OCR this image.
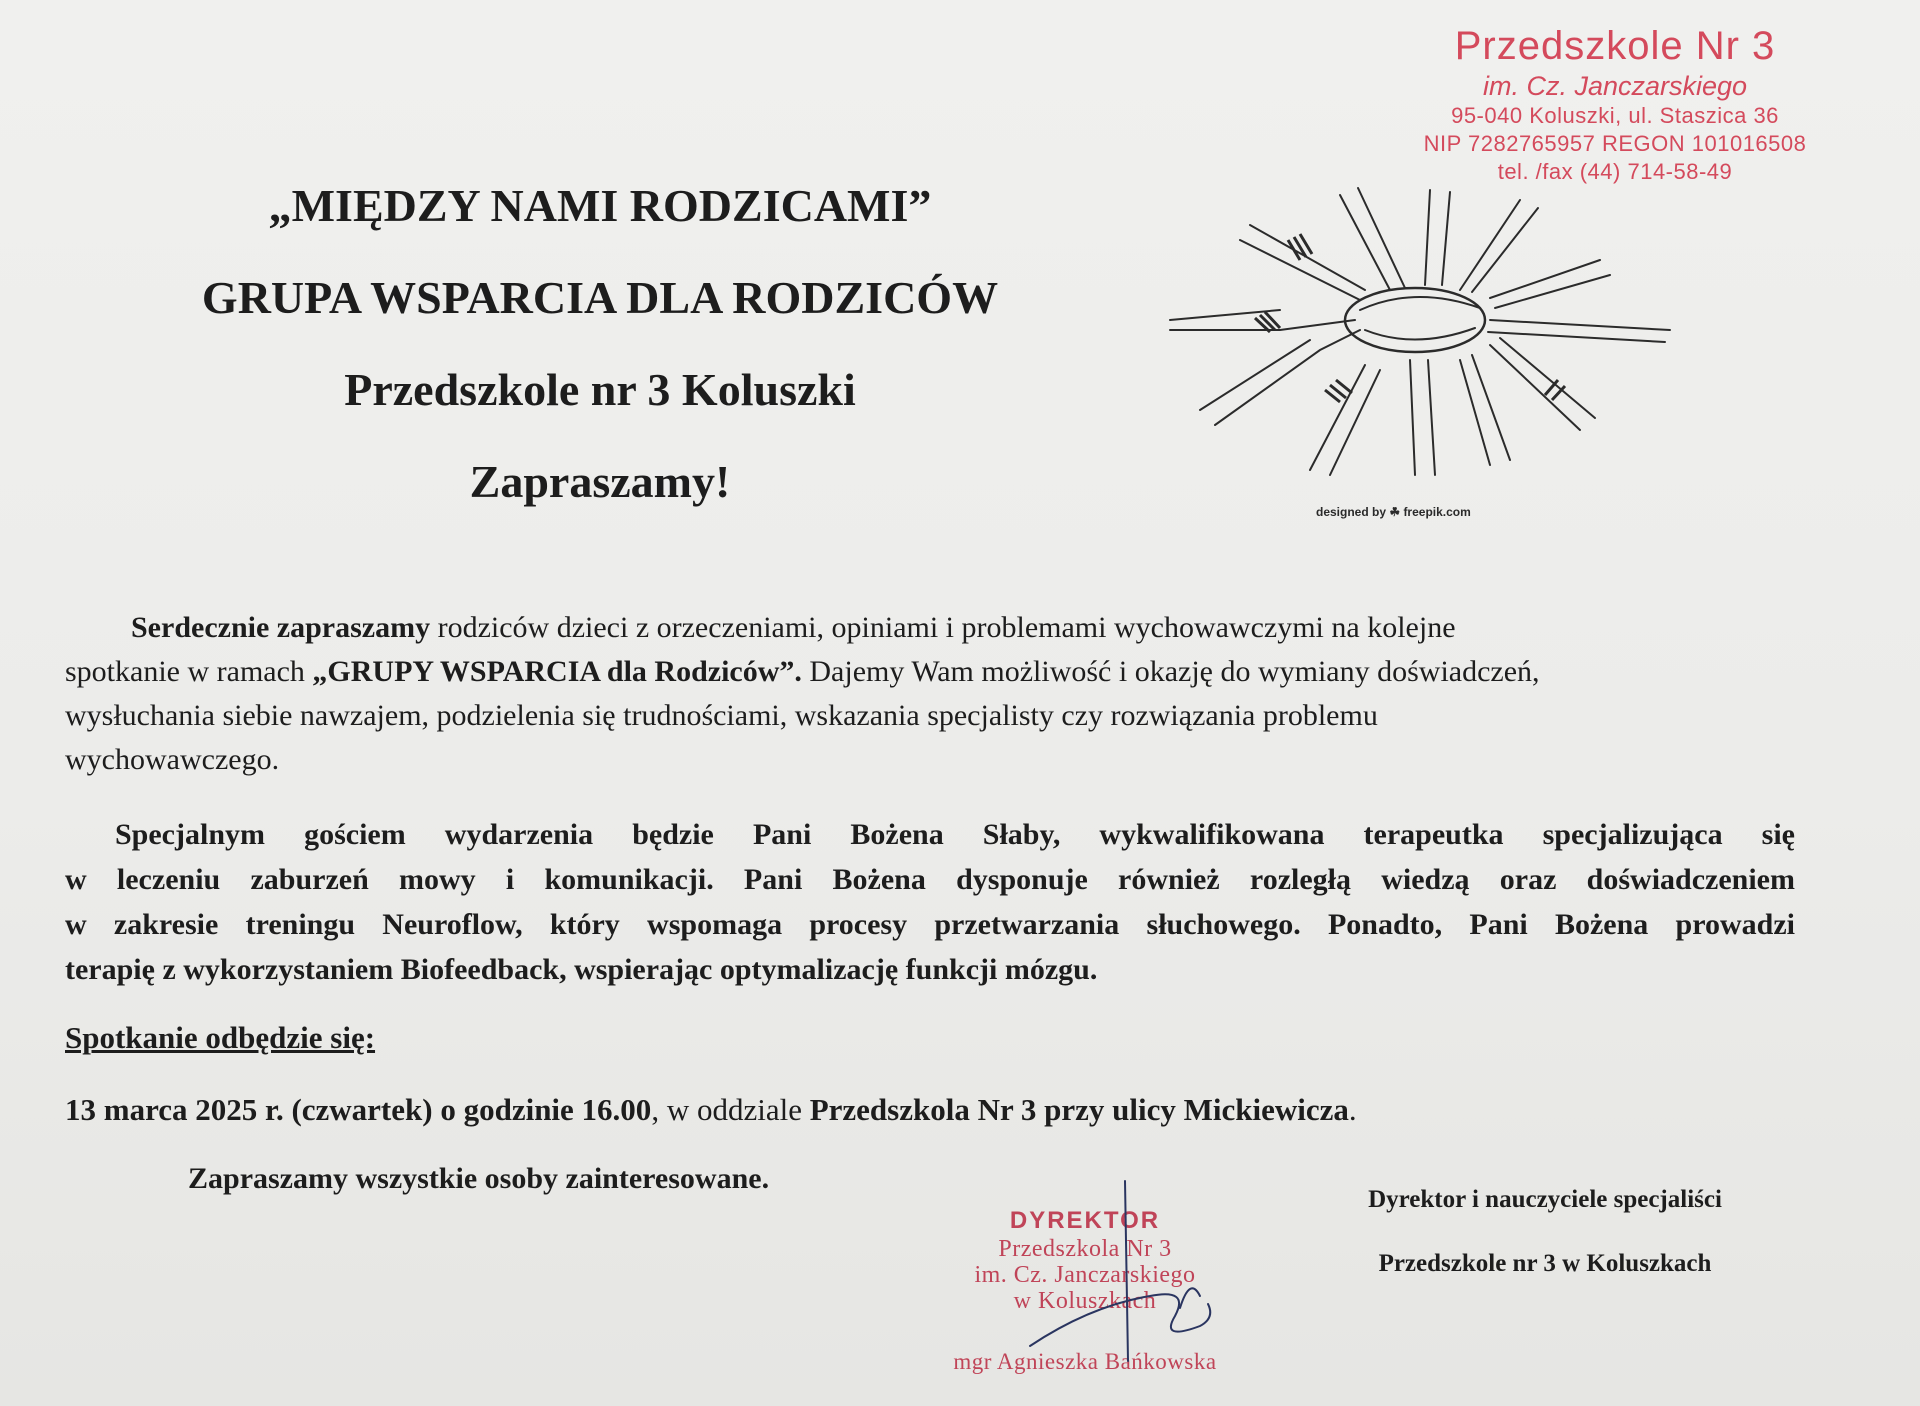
Przedszkole Nr 3
im. Cz. Janczarskiego
95-040 Koluszki, ul. Staszica 36
NIP 7282765957 REGON 101016508
tel. /fax (44) 714-58-49
„MIĘDZY NAMI RODZICAMI”
GRUPA WSPARCIA DLA RODZICÓW
Przedszkole nr 3 Koluszki
Zapraszamy!
designed by ☘ freepik.com
Serdecznie zapraszamy rodziców dzieci z orzeczeniami, opiniami i problemami wychowawczymi na kolejne
spotkanie w ramach „GRUPY WSPARCIA dla Rodziców”. Dajemy Wam możliwość i okazję do wymiany doświadczeń,
wysłuchania siebie nawzajem, podzielenia się trudnościami, wskazania specjalisty czy rozwiązania problemu
wychowawczego.
Specjalnym gościem wydarzenia będzie Pani Bożena Słaby, wykwalifikowana terapeutka specjalizująca się
w leczeniu zaburzeń mowy i komunikacji. Pani Bożena dysponuje również rozległą wiedzą oraz doświadczeniem
w zakresie treningu Neuroflow, który wspomaga procesy przetwarzania słuchowego. Ponadto, Pani Bożena prowadzi
terapię z wykorzystaniem Biofeedback, wspierając optymalizację funkcji mózgu.
Spotkanie odbędzie się:
13 marca 2025 r. (czwartek) o godzinie 16.00, w oddziale Przedszkola Nr 3 przy ulicy Mickiewicza.
Zapraszamy wszystkie osoby zainteresowane.
Dyrektor i nauczyciele specjaliści
Przedszkole nr 3 w Koluszkach
DYREKTOR
Przedszkola Nr 3
im. Cz. Janczarskiego
w Koluszkach
mgr Agnieszka Bańkowska
